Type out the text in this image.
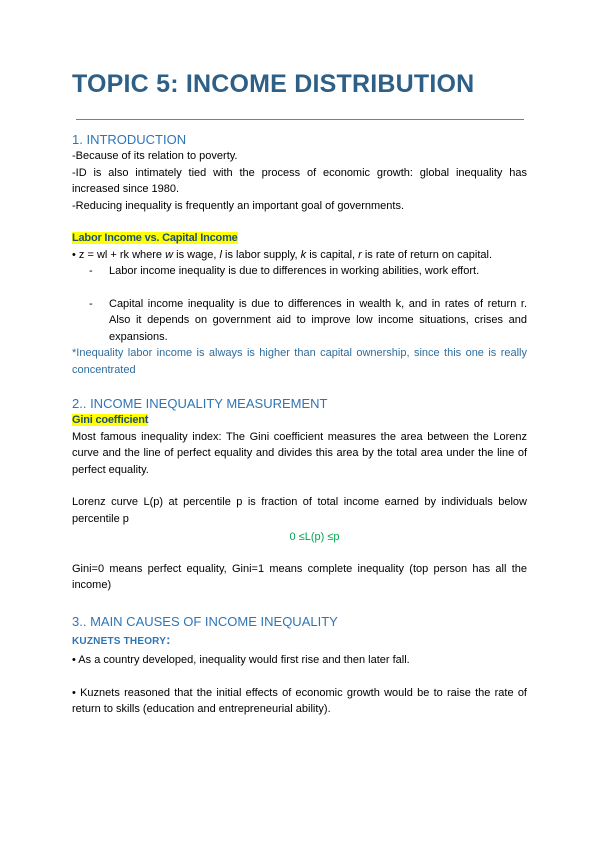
TOPIC 5: INCOME DISTRIBUTION

1. INTRODUCTION

-Because of its relation to poverty.

-ID is also intimately tied with the process of economic growth: global inequality has increased since 1980.

-Reducing inequality is frequently an important goal of governments.

Labor Income vs. Capital Income

• z = wl + rk where w is wage, l is labor supply, k is capital, r is rate of return on capital.

- Labor income inequality is due to differences in working abilities, work effort.
- Capital income inequality is due to differences in wealth k, and in rates of return r. Also it depends on government aid to improve low income situations, crises and expansions.

*Inequality labor income is always is higher than capital ownership, since this one is really concentrated

2.. INCOME INEQUALITY MEASUREMENT

Gini coefficient

Most famous inequality index: The Gini coefficient measures the area between the Lorenz curve and the line of perfect equality and divides this area by the total area under the line of perfect equality.

Lorenz curve L(p) at percentile p is fraction of total income earned by individuals below percentile p

0 ≤L(p) ≤p

Gini=0 means perfect equality, Gini=1 means complete inequality (top person has all the income)

3.. MAIN CAUSES OF INCOME INEQUALITY

KUZNETS THEORY:

• As a country developed, inequality would first rise and then later fall.

• Kuznets reasoned that the initial effects of economic growth would be to raise the rate of return to skills (education and entrepreneurial ability).
